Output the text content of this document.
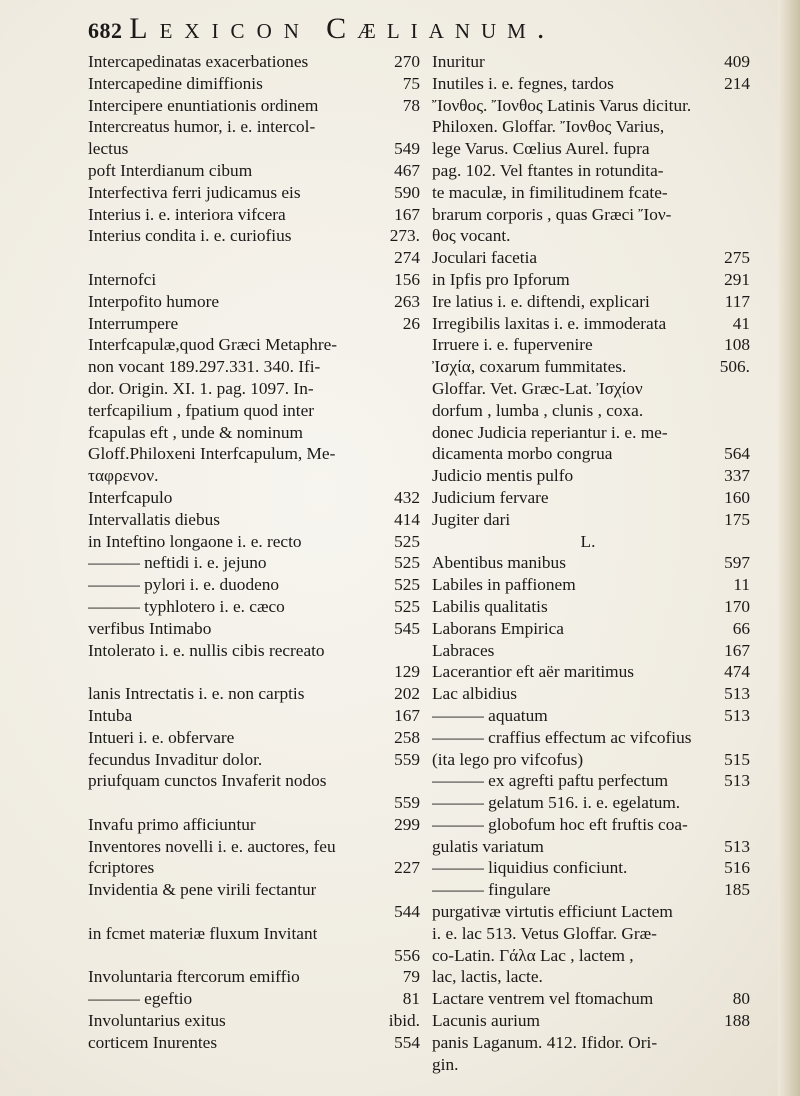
682 Lexicon Cælianum.
Intercapedinatas exacerbationes	270
Intercapedine dimiffionis	75
Intercipere enuntiationis ordinem	78
Intercreatus humor, i. e. intercol-
lectus	549
poft Interdianum cibum	467
Interfectiva ferri judicamus eis	590
Interius i. e. interiora vifcera	167
Interius condita i. e. curiofius	273.
274
Internofci	156
Interpofito humore	263
Interrumpere	26
Interfcapulæ,quod Græci Metaphre-
non vocant 189.297.331. 340. Ifi-
dor. Origin. XI. 1. pag. 1097. In-
terfcapilium , fpatium quod inter
fcapulas eft , unde & nominum
Gloff.Philoxeni Interfcapulum, Me-
ταφρενον.
Interfcapulo	432
Intervallatis diebus	414
in Inteftino longaone i. e. recto	525
——— neftidi i. e. jejuno	525
——— pylori i. e. duodeno	525
——— typhlotero i. e. cæco	525
verfibus Intimabo	545
Intolerato i. e. nullis cibis recreato
129
lanis Intrectatis i. e. non carptis	202
Intuba	167
Intueri i. e. obfervare	258
fecundus Invaditur dolor.	559
priufquam cunctos Invaferit nodos
559
Invafu primo afficiuntur	299
Inventores novelli i. e. auctores, feu
fcriptores	227
Invidentia & pene virili fectantur
544
in fcmet materiæ fluxum Invitant
556
Involuntaria ftercorum emiffio	79
——— egeftio	81
Involuntarius exitus	ibid.
corticem Inurentes	554
Inuritur	409
Inutiles i. e. fegnes, tardos	214
Ἴονθος. Ἴονθος Latinis Varus dicitur.
Philoxen. Gloffar. Ἴονθος Varius,
lege Varus. Cœlius Aurel. fupra
pag. 102. Vel ftantes in rotundita-
te maculæ, in fimilitudinem fcate-
brarum corporis , quas Græci Ἴον-
θος vocant.
Joculari facetia	275
in Ipfis pro Ipforum	291
Ire latius i. e. diftendi, explicari	117
Irregibilis laxitas i. e. immoderata	41
Irruere i. e. fupervenire	108
Ἰσχία, coxarum fummitates.	506.
Gloffar. Vet. Græc-Lat. Ἰσχίον
dorfum , lumba , clunis , coxa.
donec Judicia reperiantur i. e. me-
dicamenta morbo congrua	564
Judicio mentis pulfo	337
Judicium fervare	160
Jugiter dari	175
L.
Abentibus manibus	597
Labiles in paffionem	11
Labilis qualitatis	170
Laborans Empirica	66
Labraces	167
Lacerantior eft aër maritimus	474
Lac albidius	513
——— aquatum	513
——— craffius effectum ac vifcofius
(ita lego pro vifcofus)	515
——— ex agrefti paftu perfectum	513
——— gelatum 516. i. e. egelatum.
——— globofum hoc eft fruftis coa-
gulatis variatum	513
——— liquidius conficiunt.	516
——— fingulare	185
purgativæ virtutis efficiunt Lactem
i. e. lac 513. Vetus Gloffar. Græ-
co-Latin. Γάλα Lac , lactem ,
lac, lactis, lacte.
Lactare ventrem vel ftomachum	80
Lacunis aurium	188
panis Laganum. 412. Ifidor. Ori-
gin.
